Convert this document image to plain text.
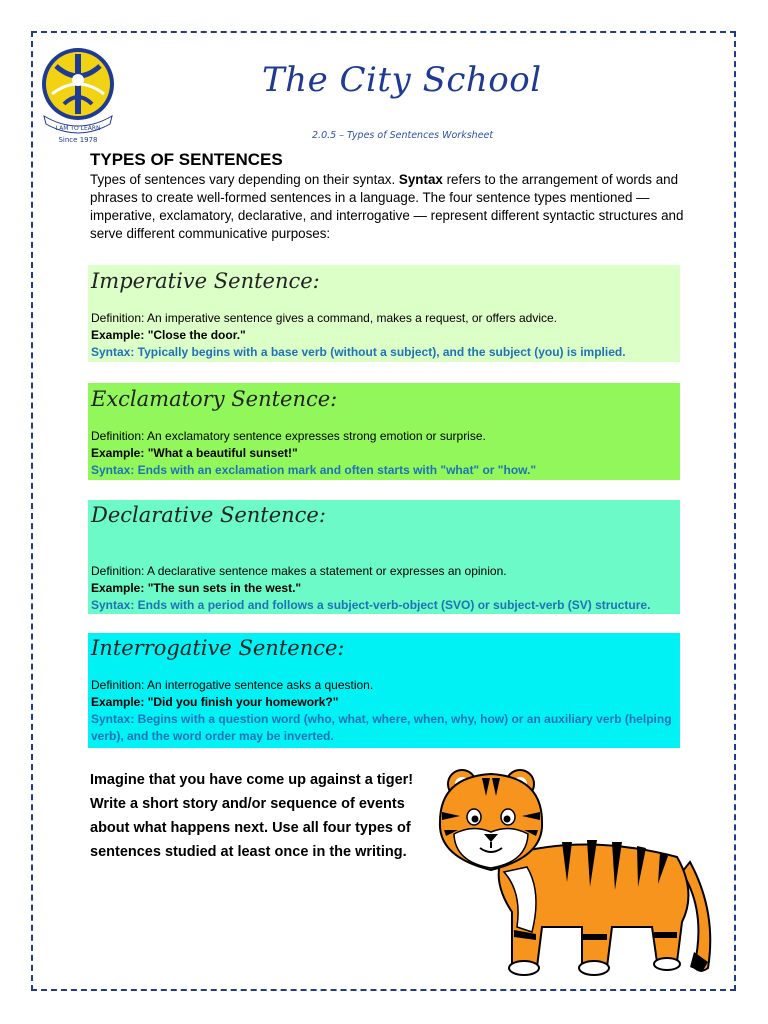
I AM TO LEARN
Since 1978
The City School
2.0.5 – Types of Sentences Worksheet
TYPES OF SENTENCES

Types of sentences vary depending on their syntax. Syntax refers to the arrangement of words and phrases to create well-formed sentences in a language. The four sentence types mentioned — imperative, exclamatory, declarative, and interrogative — represent different syntactic structures and serve different communicative purposes:

Imperative Sentence:

Definition: An imperative sentence gives a command, makes a request, or offers advice.

Example: "Close the door."

Syntax: Typically begins with a base verb (without a subject), and the subject (you) is implied.

Exclamatory Sentence:

Definition: An exclamatory sentence expresses strong emotion or surprise.

Example: "What a beautiful sunset!"

Syntax: Ends with an exclamation mark and often starts with "what" or "how."

Declarative Sentence:

Definition: A declarative sentence makes a statement or expresses an opinion.

Example: "The sun sets in the west."

Syntax: Ends with a period and follows a subject-verb-object (SVO) or subject-verb (SV) structure.

Interrogative Sentence:

Definition: An interrogative sentence asks a question.

Example: "Did you finish your homework?"

Syntax: Begins with a question word (who, what, where, when, why, how) or an auxiliary verb (helping verb), and the word order may be inverted.

Imagine that you have come up against a tiger! Write a short story and/or sequence of events about what happens next. Use all four types of sentences studied at least once in the writing.
